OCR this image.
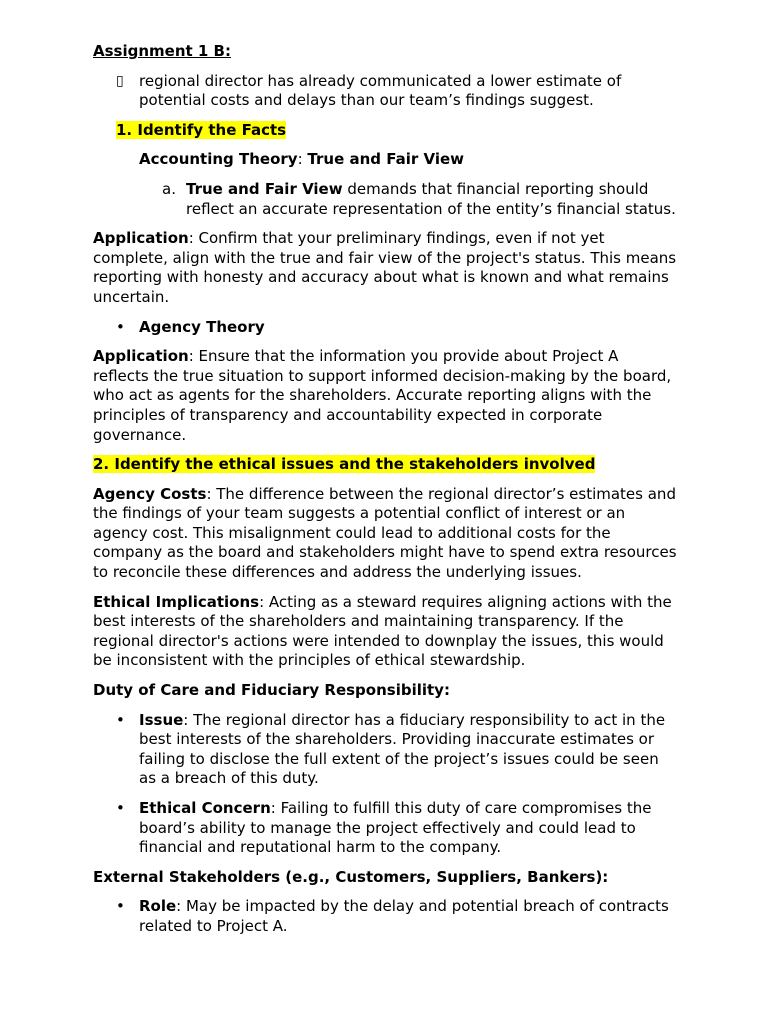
Assignment 1 B:

▯	regional director has already communicated a lower estimate of potential costs and delays than our team’s findings suggest.

1. Identify the Facts

Accounting Theory: True and Fair View

a. True and Fair View demands that financial reporting should reflect an accurate representation of the entity’s financial status.

Application: Confirm that your preliminary findings, even if not yet complete, align with the true and fair view of the project's status. This means reporting with honesty and accuracy about what is known and what remains uncertain.

• Agency Theory

Application: Ensure that the information you provide about Project A reflects the true situation to support informed decision-making by the board, who act as agents for the shareholders. Accurate reporting aligns with the principles of transparency and accountability expected in corporate governance.

2. Identify the ethical issues and the stakeholders involved

Agency Costs: The difference between the regional director’s estimates and the findings of your team suggests a potential conflict of interest or an agency cost. This misalignment could lead to additional costs for the company as the board and stakeholders might have to spend extra resources to reconcile these differences and address the underlying issues.

Ethical Implications: Acting as a steward requires aligning actions with the best interests of the shareholders and maintaining transparency. If the regional director's actions were intended to downplay the issues, this would be inconsistent with the principles of ethical stewardship.

Duty of Care and Fiduciary Responsibility:

• Issue: The regional director has a fiduciary responsibility to act in the best interests of the shareholders. Providing inaccurate estimates or failing to disclose the full extent of the project’s issues could be seen as a breach of this duty.
• Ethical Concern: Failing to fulfill this duty of care compromises the board’s ability to manage the project effectively and could lead to financial and reputational harm to the company.

External Stakeholders (e.g., Customers, Suppliers, Bankers):

• Role: May be impacted by the delay and potential breach of contracts related to Project A.
